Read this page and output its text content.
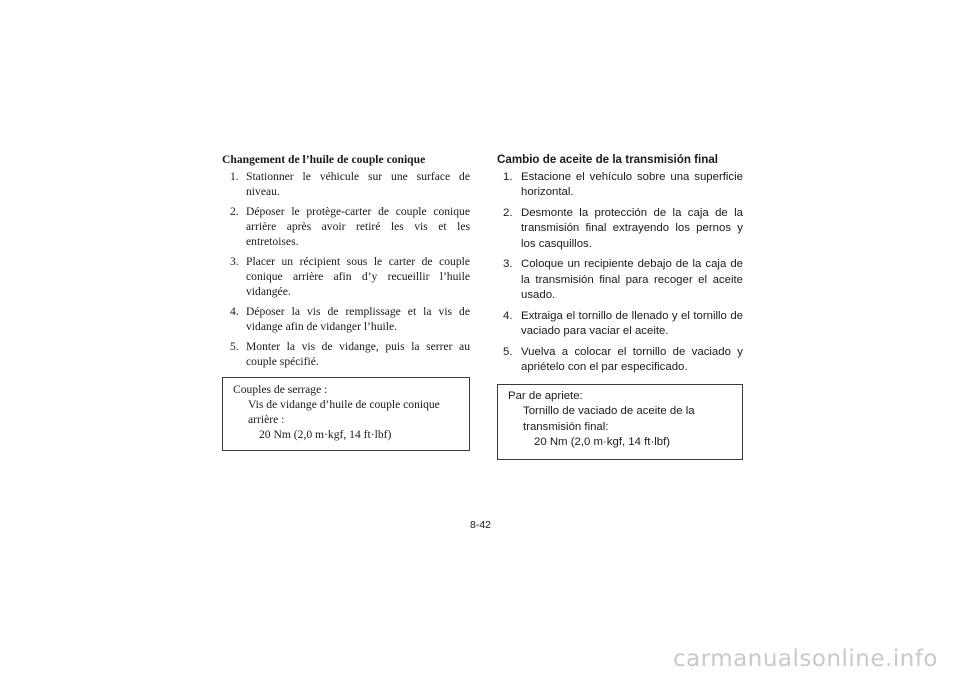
Changement de l’huile de couple conique
1. Stationner le véhicule sur une surface de niveau.
2. Déposer le protège-carter de couple conique arrière après avoir retiré les vis et les entretoises.
3. Placer un récipient sous le carter de couple conique arrière afin d’y recueillir l’huile vidangée.
4. Déposer la vis de remplissage et la vis de vidange afin de vidanger l’huile.
5. Monter la vis de vidange, puis la serrer au couple spécifié.
Couples de serrage :
Vis de vidange d’huile de couple conique arrière :
20 Nm (2,0 m·kgf, 14 ft·lbf)
Cambio de aceite de la transmisión final
1. Estacione el vehículo sobre una superficie horizontal.
2. Desmonte la protección de la caja de la transmisión final extrayendo los pernos y los casquillos.
3. Coloque un recipiente debajo de la caja de la transmisión final para recoger el aceite usado.
4. Extraiga el tornillo de llenado y el tornillo de vaciado para vaciar el aceite.
5. Vuelva a colocar el tornillo de vaciado y apriételo con el par especificado.
Par de apriete:
Tornillo de vaciado de aceite de la transmisión final:
20 Nm (2,0 m·kgf, 14 ft·lbf)
8-42
carmanualsonline.info
